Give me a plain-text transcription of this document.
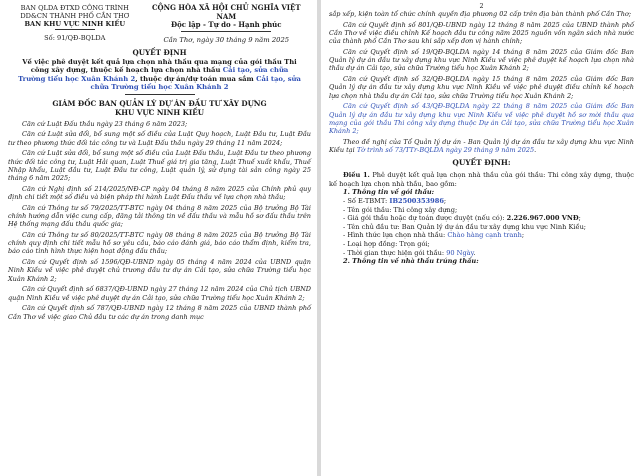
BAN QLDA ĐTXD CÔNG TRÌNH
DD&CN THÀNH PHỐ CẦN THƠ
BAN KHU VỰC NINH KIỀU
Số: 91/QĐ-BQLDA
CỘNG HÒA XÃ HỘI CHỦ NGHĨA VIỆT NAM
Độc lập - Tự do - Hạnh phúc
Cần Thơ, ngày 30 tháng 9 năm 2025
QUYẾT ĐỊNH
Về việc phê duyệt kết quả lựa chọn nhà thầu qua mạng của gói thầu Thi công xây dựng, thuộc kế hoạch lựa chọn nhà thầu Cải tạo, sửa chữa Trường tiểu học Xuân Khánh 2, thuộc dự án/dự toán mua sắm Cải tạo, sửa chữa Trường tiểu học Xuân Khánh 2
GIÁM ĐỐC BAN QUẢN LÝ DỰ ÁN ĐẦU TƯ XÂY DỰNG
KHU VỰC NINH KIỀU

Căn cứ Luật Đấu thầu ngày 23 tháng 6 năm 2023;

Căn cứ Luật sửa đổi, bổ sung một số điều của Luật Quy hoạch, Luật Đầu tư, Luật Đầu tư theo phương thức đối tác công tư và Luật Đấu thầu ngày 29 tháng 11 năm 2024;

Căn cứ Luật sửa đổi, bổ sung một số điều của Luật Đấu thầu, Luật Đầu tư theo phương thức đối tác công tư, Luật Hải quan, Luật Thuế giá trị gia tăng, Luật Thuế xuất khẩu, Thuế Nhập khẩu, Luật đầu tư, Luật Đầu tư công, Luật quản lý, sử dụng tài sản công ngày 25 tháng 6 năm 2025;

Căn cứ Nghị định số 214/2025/NĐ-CP ngày 04 tháng 8 năm 2025 của Chính phủ quy định chi tiết một số điều và biện pháp thi hành Luật Đấu thầu về lựa chọn nhà thầu;

Căn cứ Thông tư số 79/2025/TT-BTC ngày 04 tháng 8 năm 2025 của Bộ trưởng Bộ Tài chính hướng dẫn việc cung cấp, đăng tải thông tin về đấu thầu và mẫu hồ sơ đấu thầu trên Hệ thống mạng đấu thầu quốc gia;

Căn cứ Thông tư số 80/2025/TT-BTC ngày 08 tháng 8 năm 2025 của Bộ trưởng Bộ Tài chính quy định chi tiết mẫu hồ sơ yêu cầu, báo cáo đánh giá, báo cáo thẩm định, kiểm tra, báo cáo tình hình thực hiện hoạt động đấu thầu;

Căn cứ Quyết định số 1596/QĐ-UBND ngày 05 tháng 4 năm 2024 của UBND quận Ninh Kiều về việc phê duyệt chủ trương đầu tư dự án Cải tạo, sửa chữa Trường tiểu học Xuân Khánh 2;

Căn cứ Quyết định số 6837/QĐ-UBND ngày 27 tháng 12 năm 2024 của Chủ tịch UBND quận Ninh Kiều về việc phê duyệt dự án Cải tạo, sửa chữa Trường tiểu học Xuân Khánh 2;

Căn cứ Quyết định số 787/QĐ-UBND ngày 12 tháng 8 năm 2025 của UBND thành phố Cần Thơ về việc giao Chủ đầu tư các dự án trong danh mục

2

sắp xếp, kiện toàn tổ chức chính quyền địa phương 02 cấp trên địa bàn thành phố Cần Thơ;

Căn cứ Quyết định số 801/QĐ-UBND ngày 12 tháng 8 năm 2025 của UBND thành phố Cần Thơ về việc điều chỉnh Kế hoạch đầu tư công năm 2025 nguồn vốn ngân sách nhà nước của thành phố Cần Thơ sau khi sắp xếp đơn vị hành chính;

Căn cứ Quyết định số 19/QĐ-BQLDA ngày 14 tháng 8 năm 2025 của Giám đốc Ban Quản lý dự án đầu tư xây dựng khu vực Ninh Kiều về việc phê duyệt kế hoạch lựa chọn nhà thầu dự án Cải tạo, sửa chữa Trường tiểu học Xuân Khánh 2;

Căn cứ Quyết định số 32/QĐ-BQLDA ngày 15 tháng 8 năm 2025 của Giám đốc Ban Quản lý dự án đầu tư xây dựng khu vực Ninh Kiều về việc phê duyệt điều chỉnh kế hoạch lựa chọn nhà thầu dự án Cải tạo, sửa chữa Trường tiểu học Xuân Khánh 2;

Căn cứ Quyết định số 43/QĐ-BQLDA ngày 22 tháng 8 năm 2025 của Giám đốc Ban Quản lý dự án đầu tư xây dựng khu vực Ninh Kiều về việc phê duyệt hồ sơ mời thầu qua mạng của gói thầu Thi công xây dựng thuộc Dự án Cải tạo, sửa chữa Trường tiểu học Xuân Khánh 2;

Theo đề nghị của Tổ Quản lý dự án - Ban Quản lý dự án đầu tư xây dựng khu vực Ninh Kiều tại Tờ trình số 73/TTr-BQLDA ngày 29 tháng 9 năm 2025.

QUYẾT ĐỊNH:
Điều 1. Phê duyệt kết quả lựa chọn nhà thầu của gói thầu: Thi công xây dựng, thuộc kế hoạch lựa chọn nhà thầu, bao gồm:
1. Thông tin về gói thầu:
- Số E-TBMT: IB2500353986;
- Tên gói thầu: Thi công xây dựng;
- Giá gói thầu hoặc dự toán được duyệt (nếu có): 2.226.967.000 VNĐ;
- Tên chủ đầu tư: Ban Quản lý dự án đầu tư xây dựng khu vực Ninh Kiều;
- Hình thức lựa chọn nhà thầu: Chào hàng cạnh tranh;
- Loại hợp đồng: Trọn gói;
- Thời gian thực hiện gói thầu: 90 Ngày.
2. Thông tin về nhà thầu trúng thầu:
